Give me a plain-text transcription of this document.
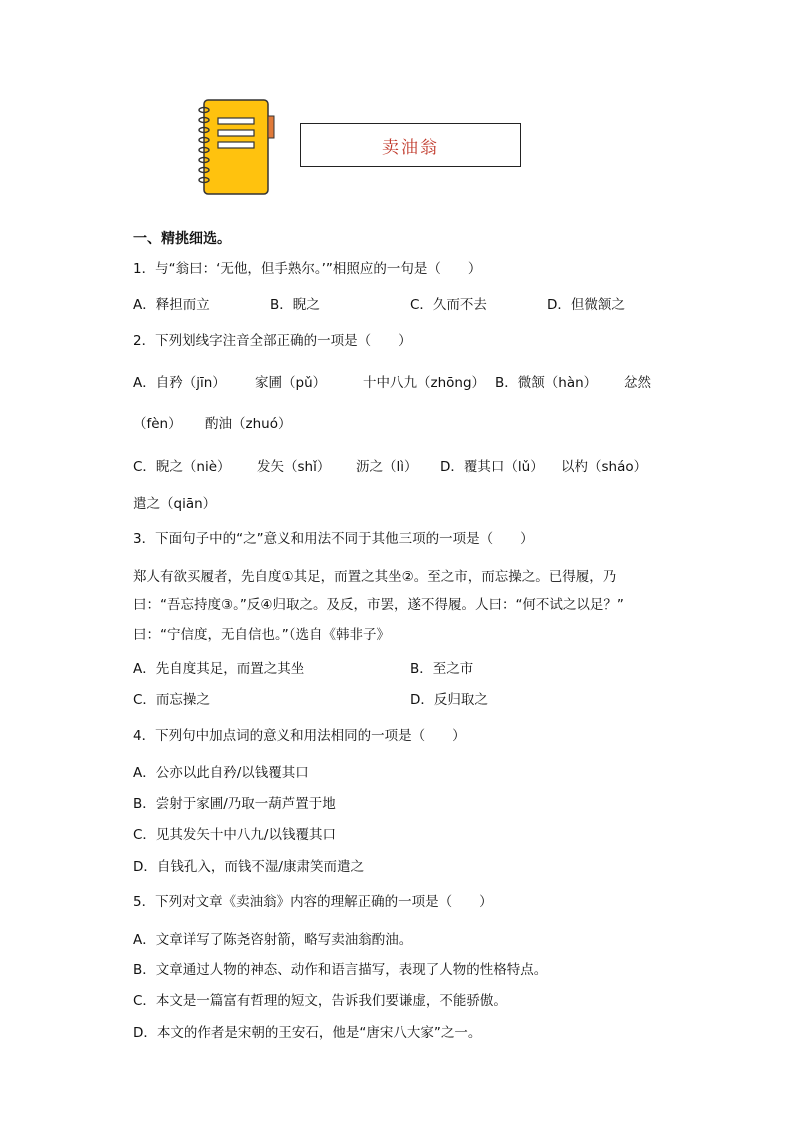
卖油翁
一、精挑细选。
1．与“翁曰：‘无他，但手熟尔。’”相照应的一句是（　　）
A．释担而立	B．睨之	C．久而不去	D．但微颔之
2．下列划线字注音全部正确的一项是（　　）
A．自矜（jīn） 家圃（pǔ）	十中八九（zhōng） B．微颔（hàn） 忿然
（fèn） 酌油（zhuó）
C．睨之（niè） 发矢（shǐ） 沥之（lì） D．覆其口（lǔ） 以杓（sháo）
遣之（qiān）
3．下面句子中的“之”意义和用法不同于其他三项的一项是（　　）
郑人有欲买履者，先自度①其足，而置之其坐②。至之市，而忘操之。已得履，乃
曰：“吾忘持度③。”反④归取之。及反，市罢，遂不得履。人曰：“何不试之以足？”
曰：“宁信度，无自信也。”（选自《韩非子》
A．先自度其足，而置之其坐	B．至之市
C．而忘操之	D．反归取之
4．下列句中加点词的意义和用法相同的一项是（　　）
A．公亦以此自矜/以钱覆其口
B．尝射于家圃/乃取一葫芦置于地
C．见其发矢十中八九/以钱覆其口
D．自钱孔入，而钱不湿/康肃笑而遣之
5．下列对文章《卖油翁》内容的理解正确的一项是（　　）
A．文章详写了陈尧咨射箭，略写卖油翁酌油。
B．文章通过人物的神态、动作和语言描写，表现了人物的性格特点。
C．本文是一篇富有哲理的短文，告诉我们要谦虚，不能骄傲。
D．本文的作者是宋朝的王安石，他是“唐宋八大家”之一。
